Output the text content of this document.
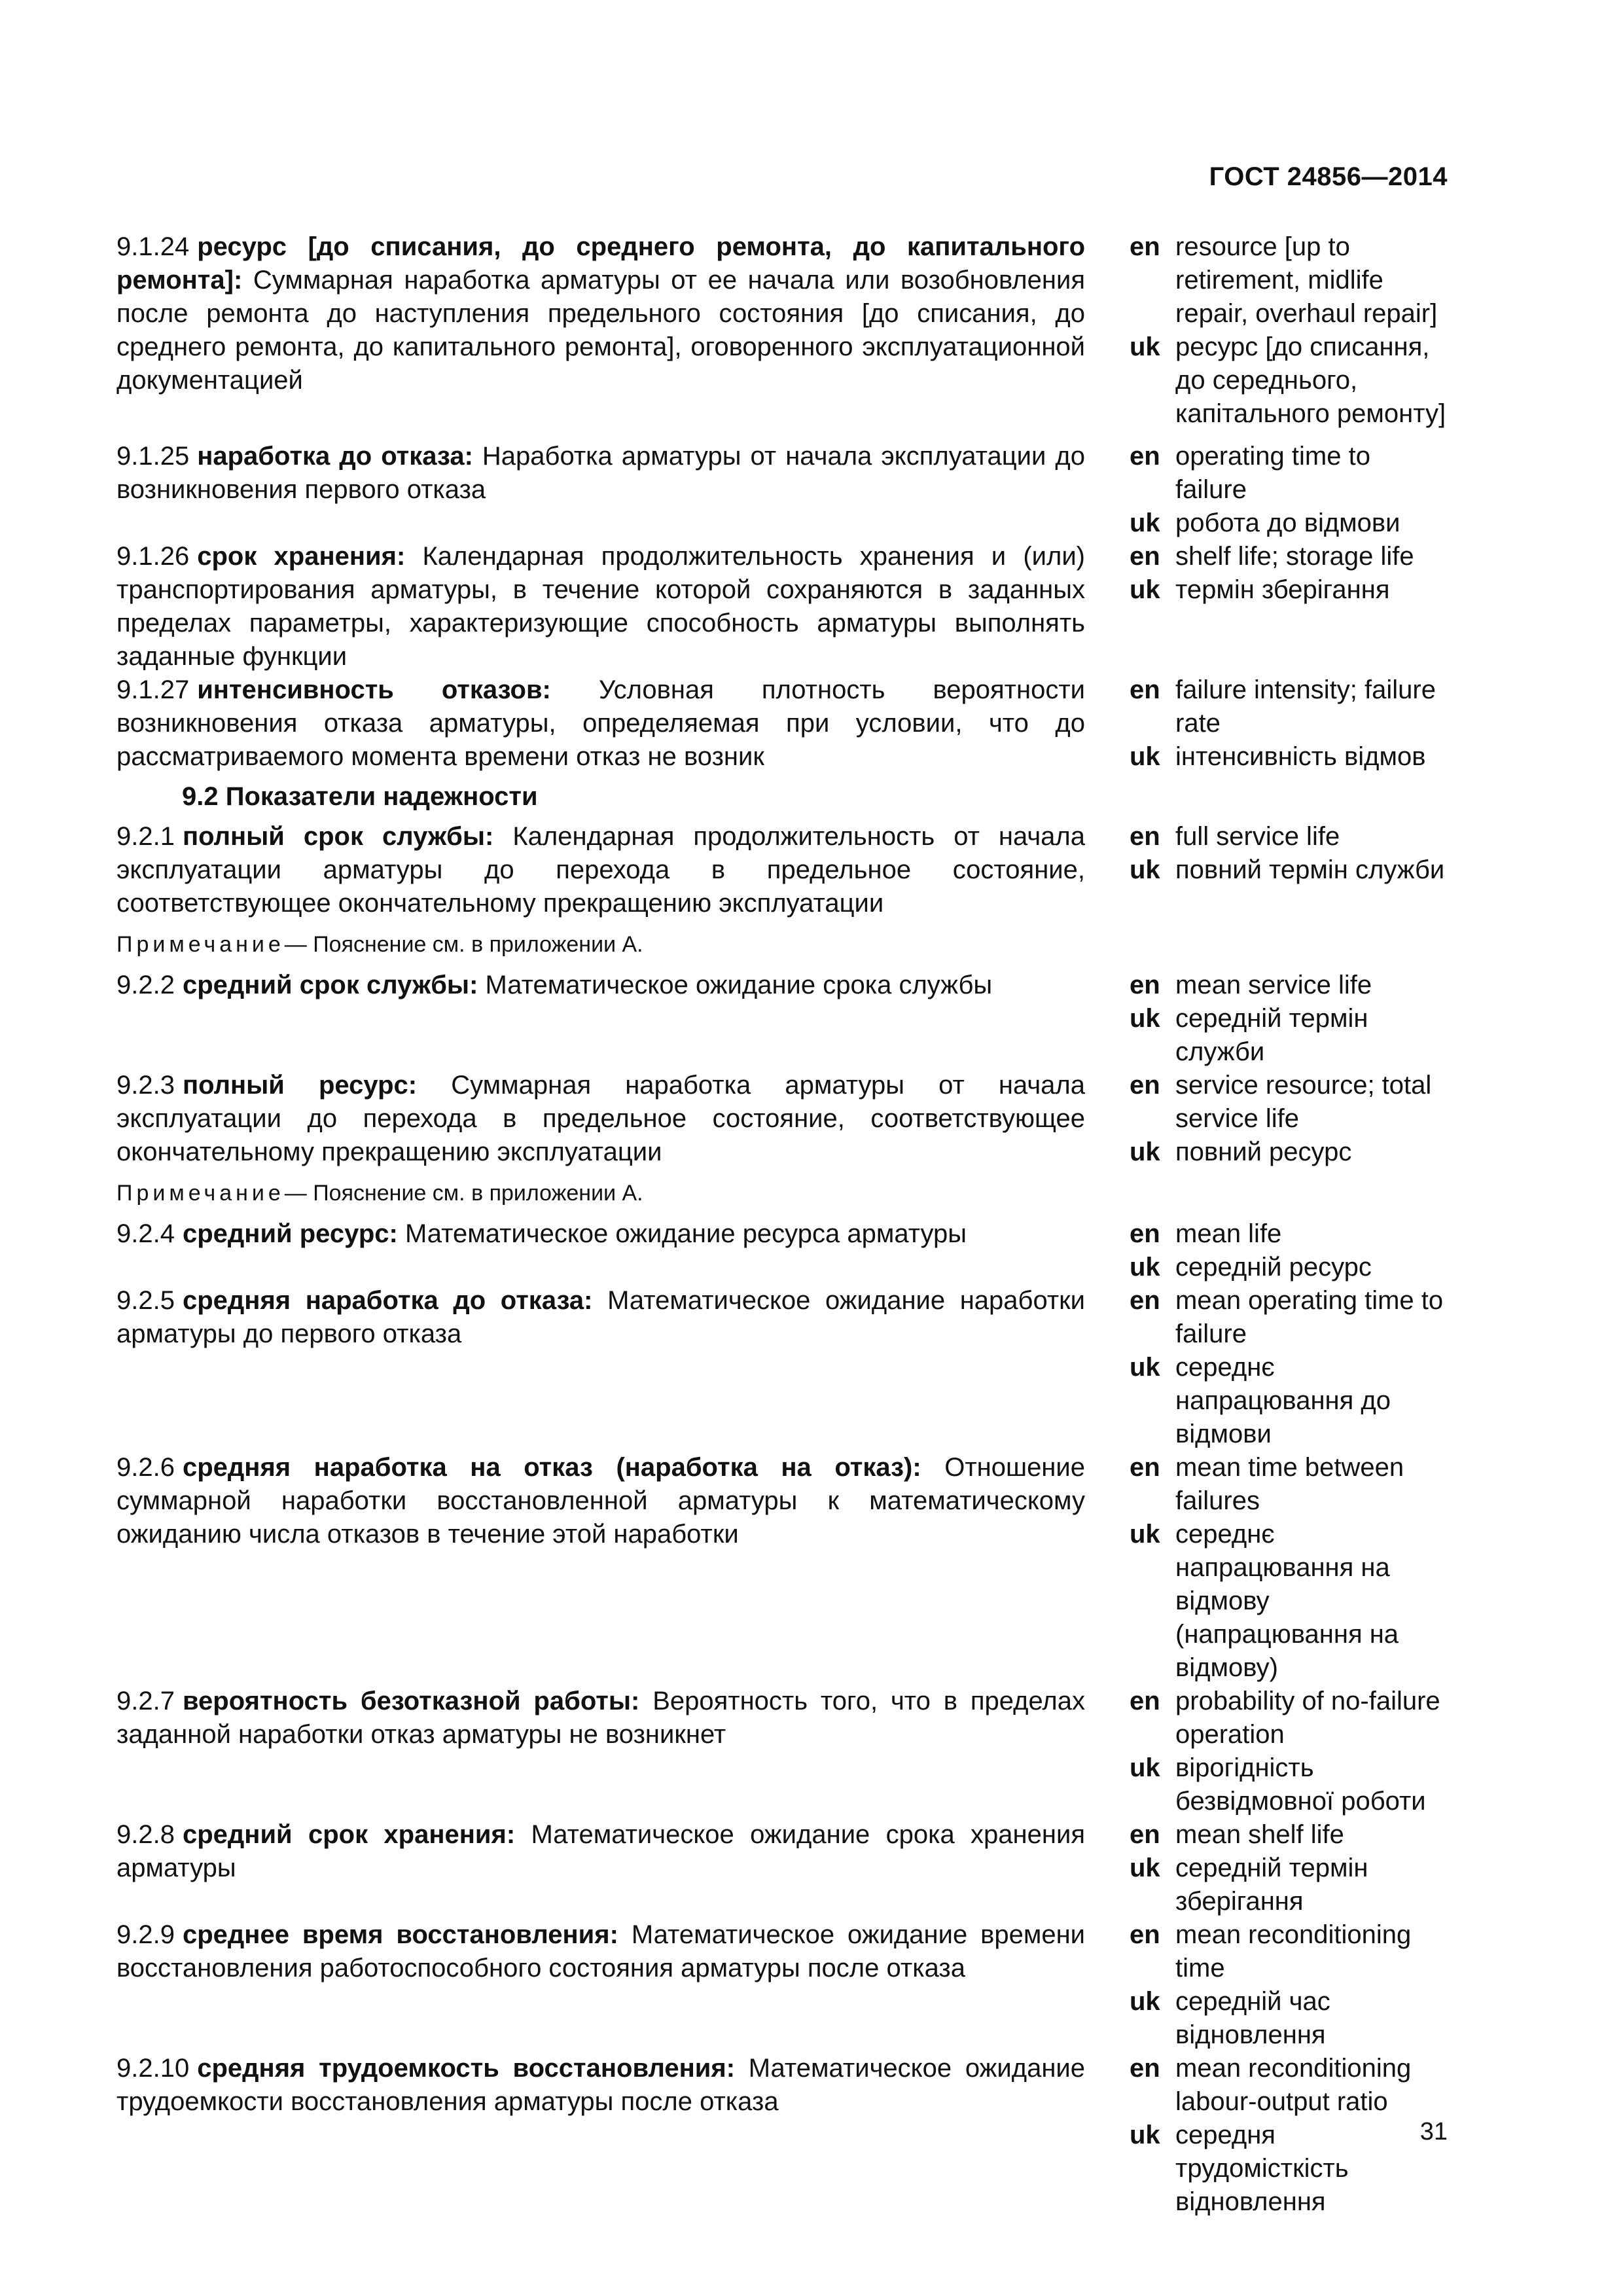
ГОСТ 24856—2014
9.1.24 ресурс [до списания, до среднего ремонта, до капитального ремонта]: Суммарная наработка арматуры от ее начала или возобновления после ремонта до наступления предельного состояния [до списания, до среднего ремонта, до капитального ремонта], оговоренного эксплуатационной документацией
en resource [up to retirement, midlife repair, overhaul repair]
uk ресурс [до списання, до середнього, капітального ремонту]
9.1.25 наработка до отказа: Наработка арматуры от начала эксплуатации до возникновения первого отказа
en operating time to failure
uk робота до відмови
9.1.26 срок хранения: Календарная продолжительность хранения и (или) транспортирования арматуры, в течение которой сохраняются в заданных пределах параметры, характеризующие способность арматуры выполнять заданные функции
en shelf life; storage life
uk термін зберігання
9.1.27 интенсивность отказов: Условная плотность вероятности возникновения отказа арматуры, определяемая при условии, что до рассматриваемого момента времени отказ не возник
en failure intensity; failure rate
uk інтенсивність відмов
9.2 Показатели надежности
9.2.1 полный срок службы: Календарная продолжительность от начала эксплуатации арматуры до перехода в предельное состояние, соответствующее окончательному прекращению эксплуатации
en full service life
uk повний термін служби
Примечание— Пояснение см. в приложении А.
9.2.2 средний срок службы: Математическое ожидание срока службы	en mean service life
uk середній термін служби
9.2.3 полный ресурс: Суммарная наработка арматуры от начала эксплуатации до перехода в предельное состояние, соответствующее окончательному прекращению эксплуатации
en service resource; total service life
uk повний ресурс
Примечание— Пояснение см. в приложении А.
9.2.4 средний ресурс: Математическое ожидание ресурса арматуры	en mean life
uk середній ресурс
9.2.5 средняя наработка до отказа: Математическое ожидание наработки арматуры до первого отказа
en mean operating time to failure
uk середнє напрацювання до відмови
9.2.6 средняя наработка на отказ (наработка на отказ): Отношение суммарной наработки восстановленной арматуры к математическому ожиданию числа отказов в течение этой наработки
en mean time between failures
uk середнє напрацювання на відмову (напрацювання на відмову)
9.2.7 вероятность безотказной работы: Вероятность того, что в пределах заданной наработки отказ арматуры не возникнет
en probability of no-failure operation
uk вірогідність безвідмовної роботи
9.2.8 средний срок хранения: Математическое ожидание срока хранения арматуры
en mean shelf life
uk середній термін зберігання
9.2.9 среднее время восстановления: Математическое ожидание времени восстановления работоспособного состояния арматуры после отказа
en mean reconditioning time
uk середній час відновлення
9.2.10 средняя трудоемкость восстановления: Математическое ожидание трудоемкости восстановления арматуры после отказа
en mean reconditioning labour-output ratio
uk середня трудомісткість відновлення
31
